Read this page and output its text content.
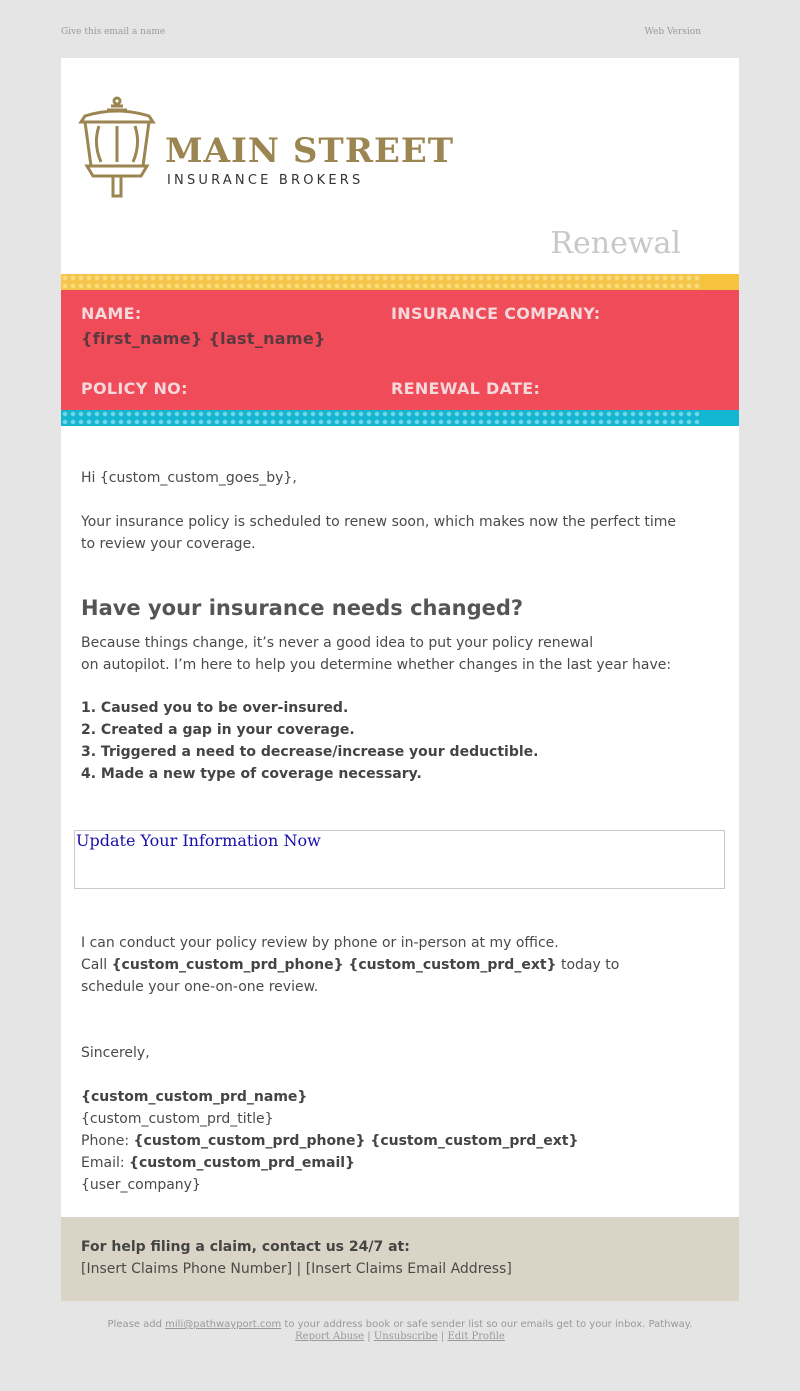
Give this email a name	Web Version
MAIN STREET
INSURANCE BROKERS
Renewal
NAME:
{first_name} {last_name}
INSURANCE COMPANY:
POLICY NO:	RENEWAL DATE:
Hi {custom_custom_goes_by},
Your insurance policy is scheduled to renew soon, which makes now the perfect time
to review your coverage.
Have your insurance needs changed?
Because things change, it’s never a good idea to put your policy renewal
on autopilot. I’m here to help you determine whether changes in the last year have:
1. Caused you to be over-insured.
2. Created a gap in your coverage.
3. Triggered a need to decrease/increase your deductible.
4. Made a new type of coverage necessary.
Update Your Information Now
I can conduct your policy review by phone or in-person at my office.
Call {custom_custom_prd_phone} {custom_custom_prd_ext} today to
schedule your one-on-one review.
Sincerely,
{custom_custom_prd_name}
{custom_custom_prd_title}
Phone: {custom_custom_prd_phone} {custom_custom_prd_ext}
Email: {custom_custom_prd_email}
{user_company}
For help filing a claim, contact us 24/7 at:
[Insert Claims Phone Number] | [Insert Claims Email Address]
Please add mili@pathwayport.com to your address book or safe sender list so our emails get to your inbox. Pathway.
Report Abuse | Unsubscribe | Edit Profile
